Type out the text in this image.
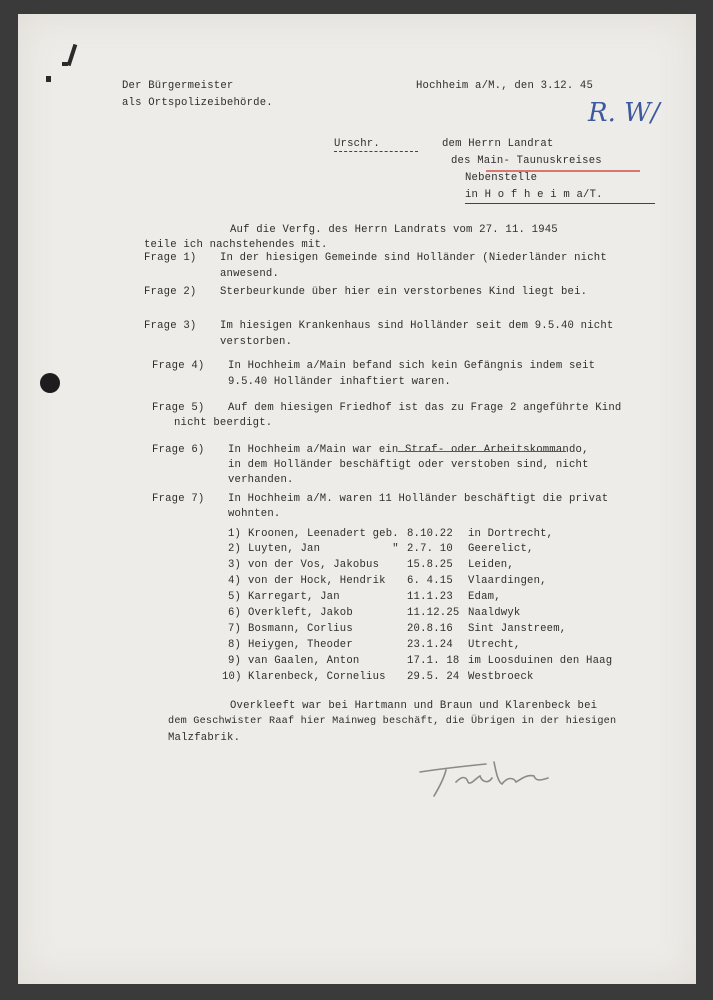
Der Bürgermeister
als Ortspolizeibehörde.
Hochheim a/M., den 3.12. 45
R. W/
Urschr.	dem Herrn Landrat
des Main- Taunuskreises
Nebenstelle
in H o f h e i m a/T.
Auf die Verfg. des Herrn Landrats vom 27. 11. 1945
teile ich nachstehendes mit.
Frage 1) In der hiesigen Gemeinde sind Holländer (Niederländer nicht
anwesend.
Frage 2) Sterbeurkunde über hier ein verstorbenes Kind liegt bei.
Frage 3) Im hiesigen Krankenhaus sind Holländer seit dem 9.5.40 nicht
verstorben.
Frage 4) In Hochheim a/Main befand sich kein Gefängnis indem seit
9.5.40 Holländer inhaftiert waren.
Frage 5) Auf dem hiesigen Friedhof ist das zu Frage 2 angeführte Kind
nicht beerdigt.
Frage 6) In Hochheim a/Main war ein Straf- oder Arbeitskommando,
in dem Holländer beschäftigt oder verstoben sind, nicht
verhanden.
Frage 7) In Hochheim a/M. waren 11 Holländer beschäftigt die privat
wohnten.
1) Kroonen, Leenadert geb. 8.10.22 in Dortrecht,
2) Luyten, Jan           " 2.7. 10 Geerelict,
3) von der Vos, Jakobus	15.8.25 Leiden,
4) von der Hock, Hendrik 6. 4.15 Vlaardingen,
5) Karregart, Jan	11.1.23 Edam,
6) Overkleft, Jakob	11.12.25 Naaldwyk
7) Bosmann, Corlius	20.8.16 Sint Janstreem,
8) Heiygen, Theoder	23.1.24 Utrecht,
9) van Gaalen, Anton	17.1. 18 im Loosduinen den Haag
10) Klarenbeck, Cornelius 29.5. 24 Westbroeck
Overkleeft war bei Hartmann und Braun und Klarenbeck bei
dem Geschwister Raaf hier Mainweg beschäft, die Übrigen in der hiesigen
Malzfabrik.
